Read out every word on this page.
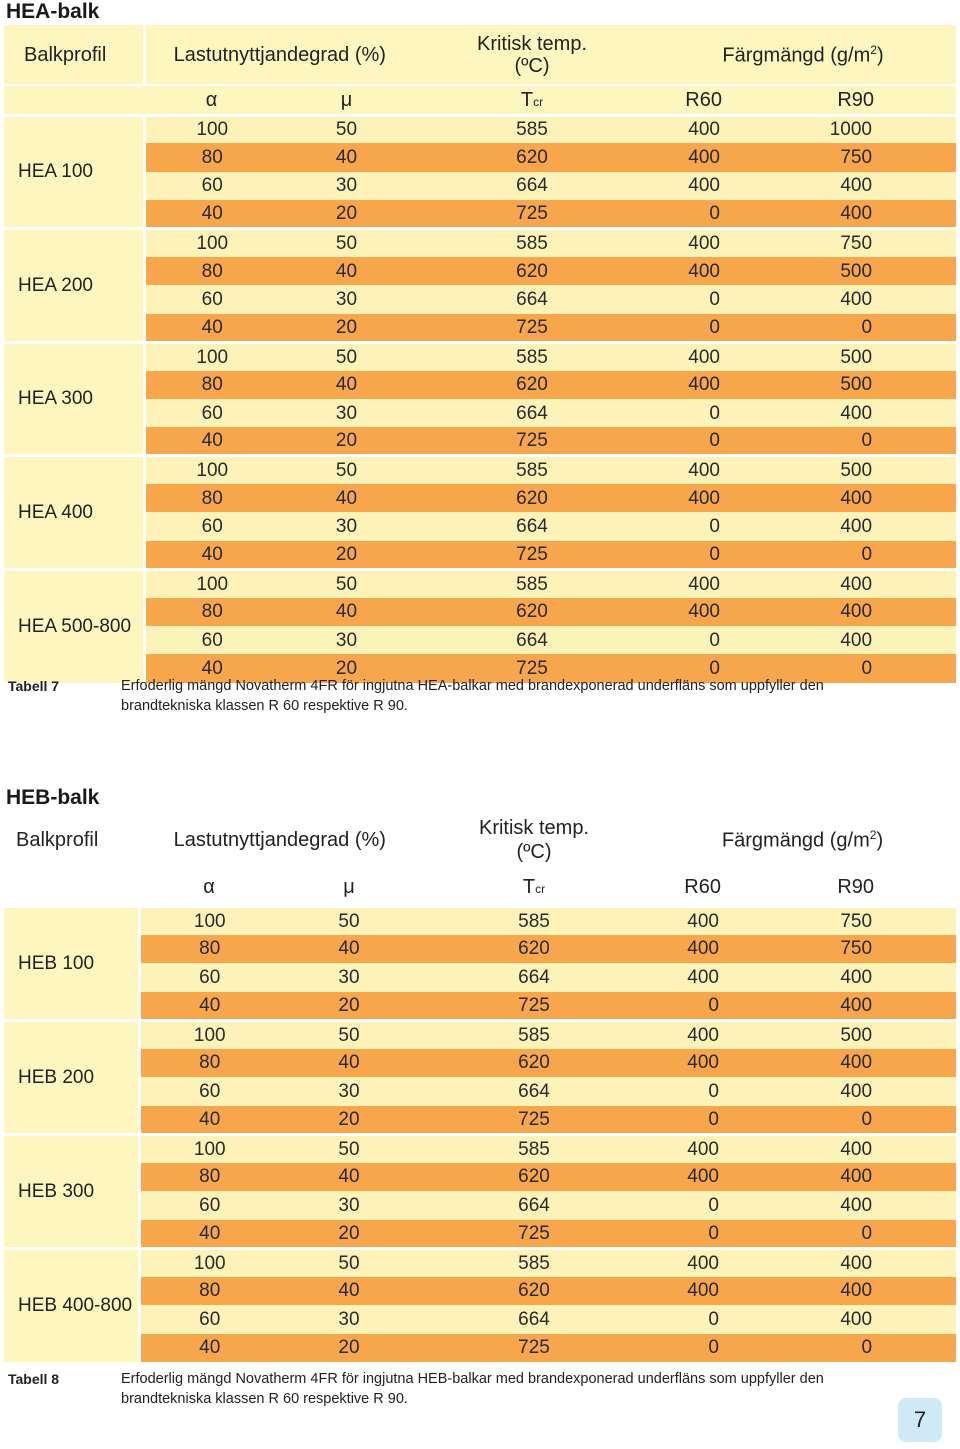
HEA-balk
Balkprofil	Lastutnyttjandegrad (%)		Kritisk temp.
(ºC)	Färgmängd $(g/m^2)$	
	α	μ	Tcr	R60	R90
HEA 100	100	50	585	400	1000
	80	40	620	400	750
	60	30	664	400	400
	40	20	725	0	400
HEA 200	100	50	585	400	750
	80	40	620	400	500
	60	30	664	0	400
	40	20	725	0	0
HEA 300	100	50	585	400	500
	80	40	620	400	500
	60	30	664	0	400
	40	20	725	0	0
HEA 400	100	50	585	400	500
	80	40	620	400	400
	60	30	664	0	400
	40	20	725	0	0
HEA 500-800	100	50	585	400	400
	80	40	620	400	400
	60	30	664	0	400
	40	20	725	0	0
Tabell 7	Erfoderlig mängd Novatherm 4FR för ingjutna HEA-balkar med brandexponerad underfläns som uppfyller den brandtekniska klassen R 60 respektive R 90.
HEB-balk
Balkprofil	Lastutnyttjandegrad (%)		Kritisk temp.
(ºC)	Färgmängd $(g/m^2)$	
	α	μ	Tcr	R60	R90
HEB 100	100	50	585	400	750
	80	40	620	400	750
	60	30	664	400	400
	40	20	725	0	400
HEB 200	100	50	585	400	500
	80	40	620	400	400
	60	30	664	0	400
	40	20	725	0	0
HEB 300	100	50	585	400	400
	80	40	620	400	400
	60	30	664	0	400
	40	20	725	0	0
HEB 400-800	100	50	585	400	400
	80	40	620	400	400
	60	30	664	0	400
	40	20	725	0	0
Tabell 8	Erfoderlig mängd Novatherm 4FR för ingjutna HEB-balkar med brandexponerad underfläns som uppfyller den brandtekniska klassen R 60 respektive R 90.
7
